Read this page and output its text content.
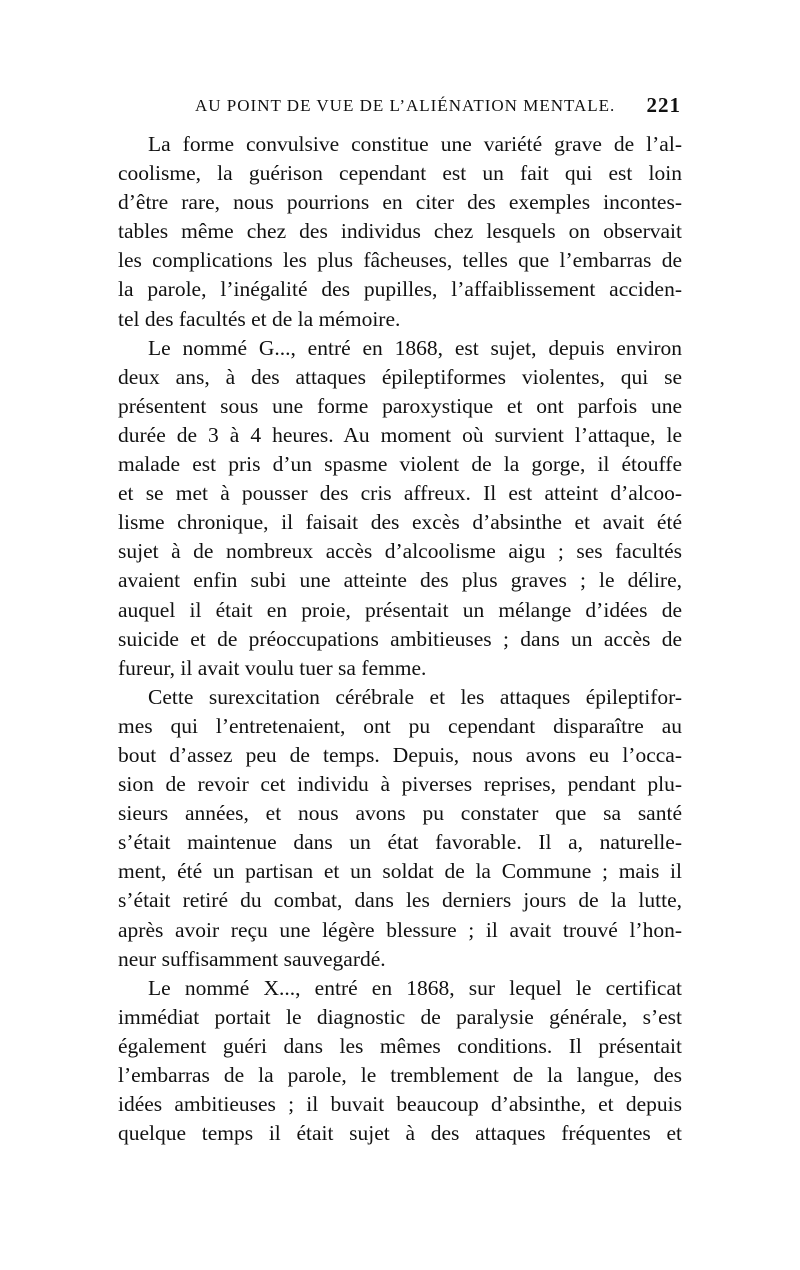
AU POINT DE VUE DE L’ALIÉNATION MENTALE. 221
La forme convulsive constitue une variété grave de l’al-
coolisme, la guérison cependant est un fait qui est loin
d’être rare, nous pourrions en citer des exemples incontes-
tables même chez des individus chez lesquels on observait
les complications les plus fâcheuses, telles que l’embarras de
la parole, l’inégalité des pupilles, l’affaiblissement acciden-
tel des facultés et de la mémoire.
Le nommé G..., entré en 1868, est sujet, depuis environ
deux ans, à des attaques épileptiformes violentes, qui se
présentent sous une forme paroxystique et ont parfois une
durée de 3 à 4 heures. Au moment où survient l’attaque, le
malade est pris d’un spasme violent de la gorge, il étouffe
et se met à pousser des cris affreux. Il est atteint d’alcoo-
lisme chronique, il faisait des excès d’absinthe et avait été
sujet à de nombreux accès d’alcoolisme aigu ; ses facultés
avaient enfin subi une atteinte des plus graves ; le délire,
auquel il était en proie, présentait un mélange d’idées de
suicide et de préoccupations ambitieuses ; dans un accès de
fureur, il avait voulu tuer sa femme.
Cette surexcitation cérébrale et les attaques épileptifor-
mes qui l’entretenaient, ont pu cependant disparaître au
bout d’assez peu de temps. Depuis, nous avons eu l’occa-
sion de revoir cet individu à piverses reprises, pendant plu-
sieurs années, et nous avons pu constater que sa santé
s’était maintenue dans un état favorable. Il a, naturelle-
ment, été un partisan et un soldat de la Commune ; mais il
s’était retiré du combat, dans les derniers jours de la lutte,
après avoir reçu une légère blessure ; il avait trouvé l’hon-
neur suffisamment sauvegardé.
Le nommé X..., entré en 1868, sur lequel le certificat
immédiat portait le diagnostic de paralysie générale, s’est
également guéri dans les mêmes conditions. Il présentait
l’embarras de la parole, le tremblement de la langue, des
idées ambitieuses ; il buvait beaucoup d’absinthe, et depuis
quelque temps il était sujet à des attaques fréquentes et
